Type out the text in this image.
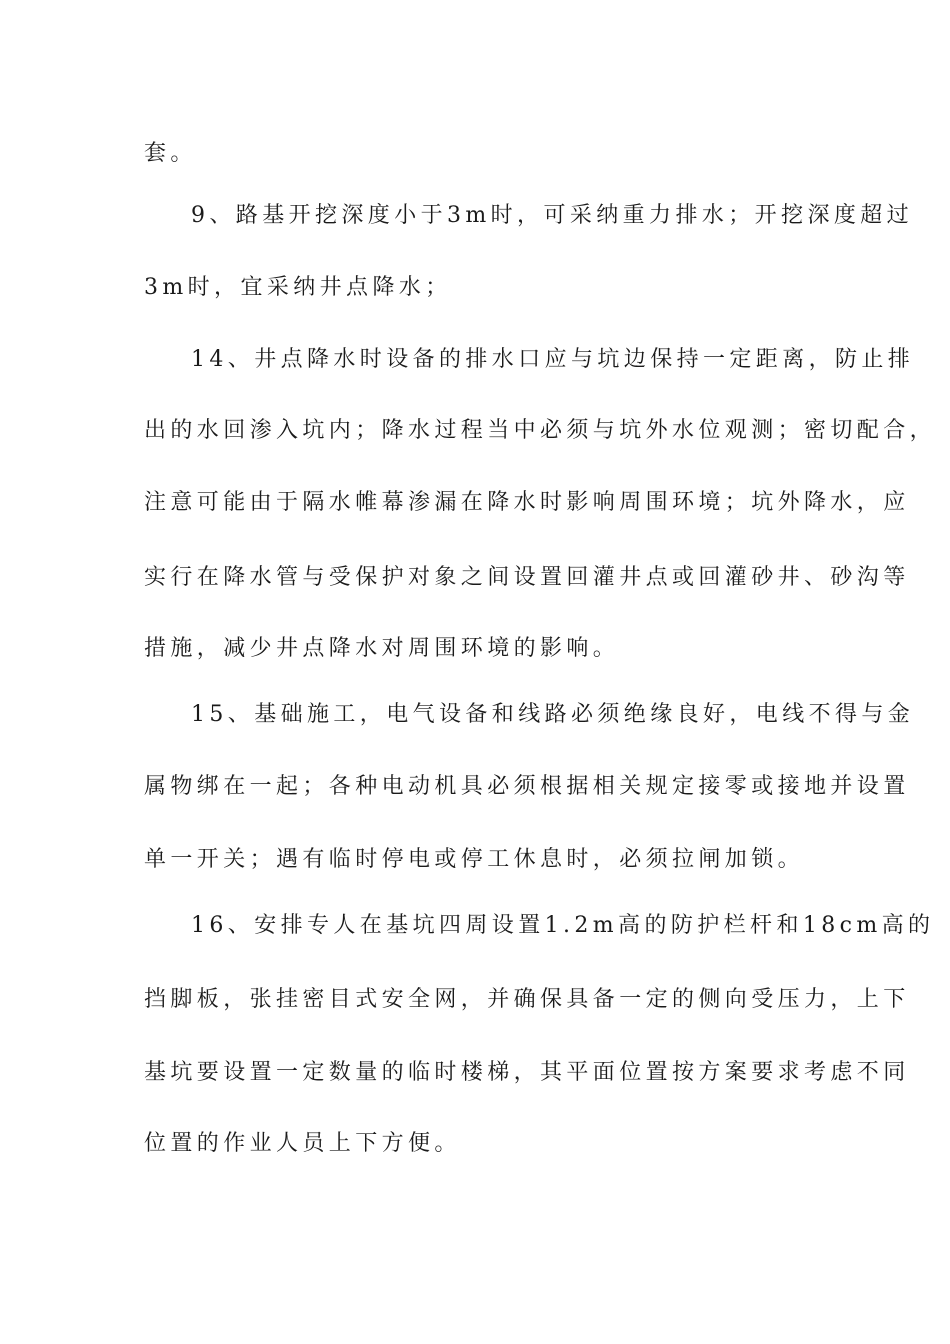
套。
9、路基开挖深度小于3m时，可采纳重力排水；开挖深度超过
3m时，宜采纳井点降水；
14、井点降水时设备的排水口应与坑边保持一定距离，防止排
出的水回渗入坑内；降水过程当中必须与坑外水位观测；密切配合，
注意可能由于隔水帷幕渗漏在降水时影响周围环境；坑外降水，应
实行在降水管与受保护对象之间设置回灌井点或回灌砂井、砂沟等
措施，减少井点降水对周围环境的影响。
15、基础施工，电气设备和线路必须绝缘良好，电线不得与金
属物绑在一起；各种电动机具必须根据相关规定接零或接地并设置
单一开关；遇有临时停电或停工休息时，必须拉闸加锁。
16、安排专人在基坑四周设置1.2m高的防护栏杆和18cm高的
挡脚板，张挂密目式安全网，并确保具备一定的侧向受压力，上下
基坑要设置一定数量的临时楼梯，其平面位置按方案要求考虑不同
位置的作业人员上下方便。
